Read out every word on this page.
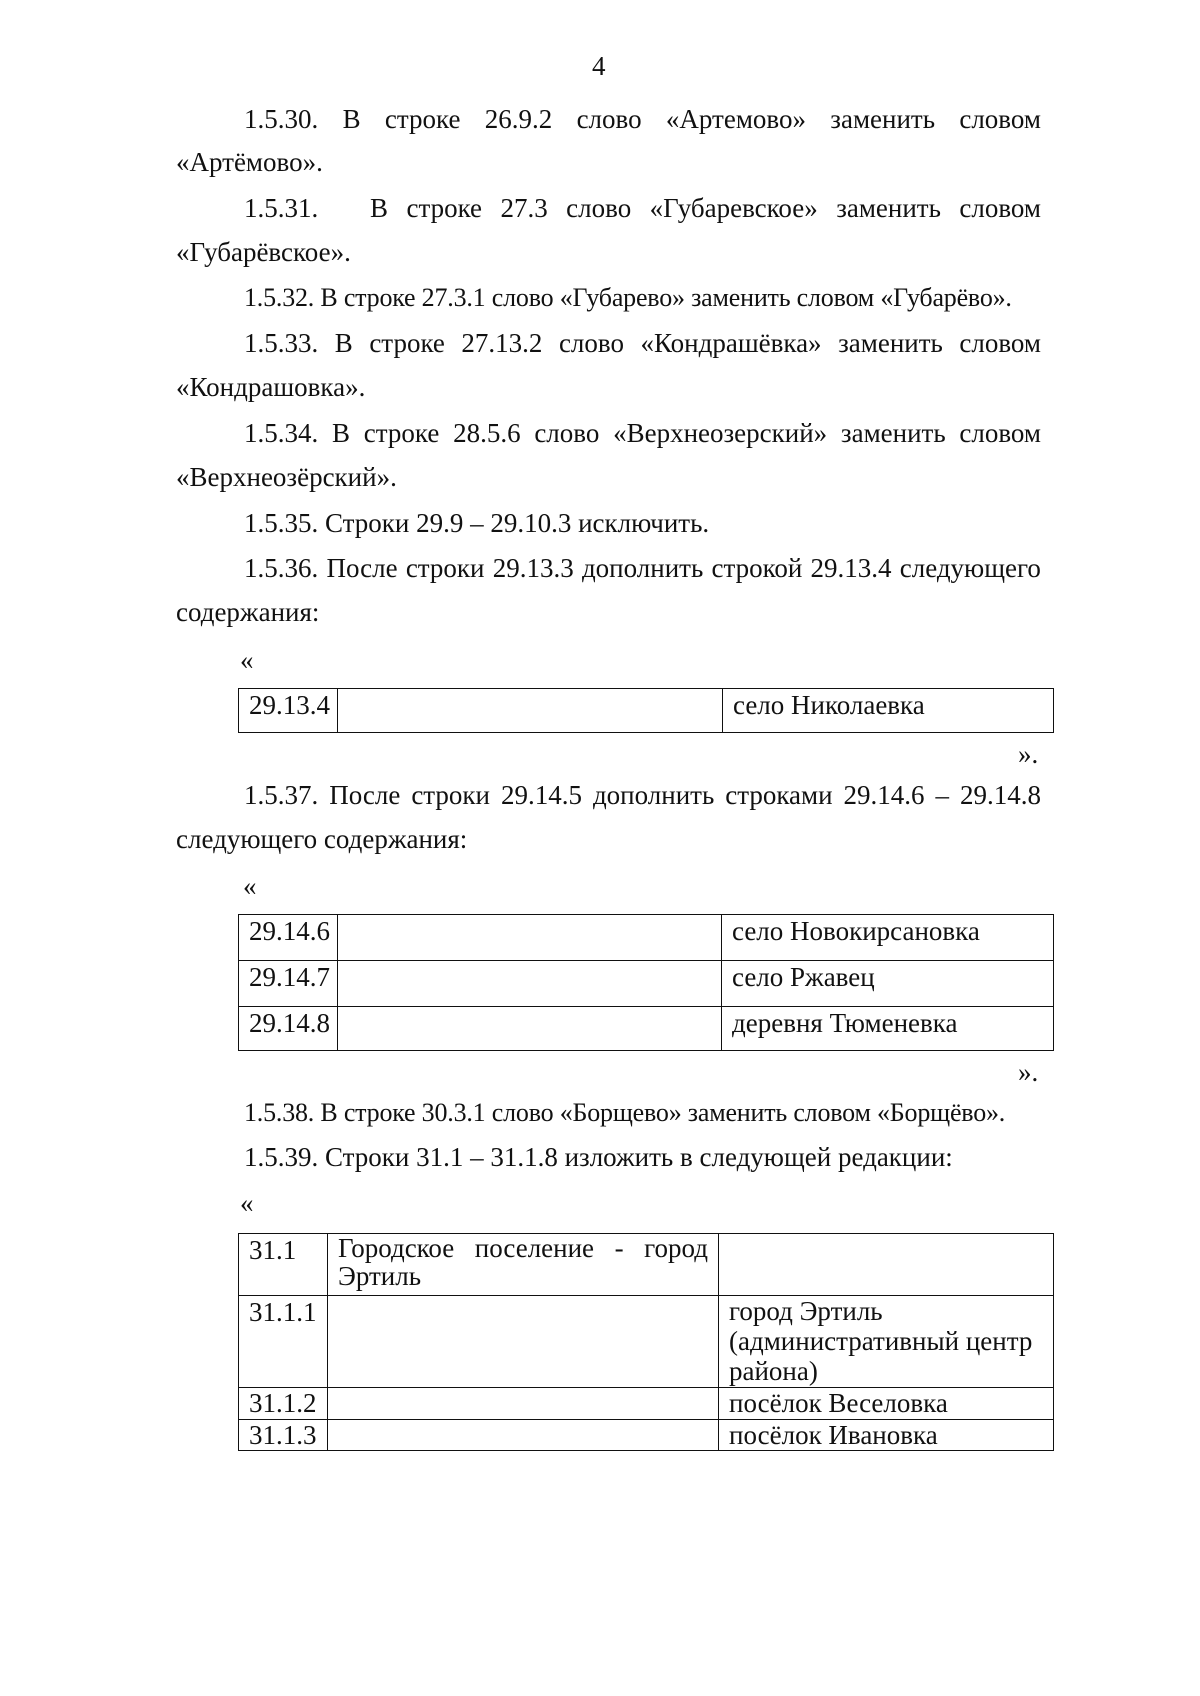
4
1.5.30. В строке 26.9.2 слово «Артемово» заменить словом
«Артёмово».
1.5.31. В строке 27.3 слово «Губаревское» заменить словом
«Губарёвское».
1.5.32. В строке 27.3.1 слово «Губарево» заменить словом «Губарёво».
1.5.33. В строке 27.13.2 слово «Кондрашёвка» заменить словом
«Кондрашовка».
1.5.34. В строке 28.5.6 слово «Верхнеозерский» заменить словом
«Верхнеозёрский».
1.5.35. Строки 29.9 – 29.10.3 исключить.
1.5.36. После строки 29.13.3 дополнить строкой 29.13.4 следующего
содержания:
«
29.13.4		село Николаевка
».
1.5.37. После строки 29.14.5 дополнить строками 29.14.6 – 29.14.8
следующего содержания:
«
29.14.6		село Новокирсановка
29.14.7		село Ржавец
29.14.8		деревня Тюменевка
».
1.5.38. В строке 30.3.1 слово «Борщево» заменить словом «Борщёво».
1.5.39. Строки 31.1 – 31.1.8 изложить в следующей редакции:
«
31.1	Городское поселение - город Эртиль	
31.1.1		город Эртиль (административный центр района)
31.1.2		посёлок Веселовка
31.1.3		посёлок Ивановка
